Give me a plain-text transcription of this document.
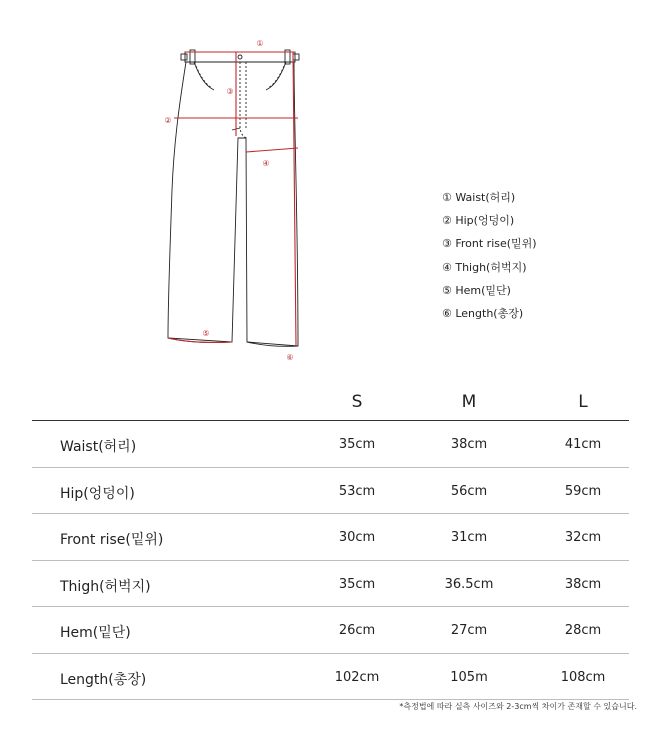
①
②
③
④
⑤
⑥
① Waist(허리)
② Hip(엉덩이)
③ Front rise(밑위)
④ Thigh(허벅지)
⑤ Hem(밑단)
⑥ Length(총장)
S	M	L
Waist(허리)	35cm	38cm	41cm
Hip(엉덩이)	53cm	56cm	59cm
Front rise(밑위)	30cm	31cm	32cm
Thigh(허벅지)	35cm	36.5cm	38cm
Hem(밑단)	26cm	27cm	28cm
Length(총장)	102cm	105m	108cm
*측정법에 따라 실측 사이즈와 2-3cm씩 차이가 존재할 수 있습니다.
